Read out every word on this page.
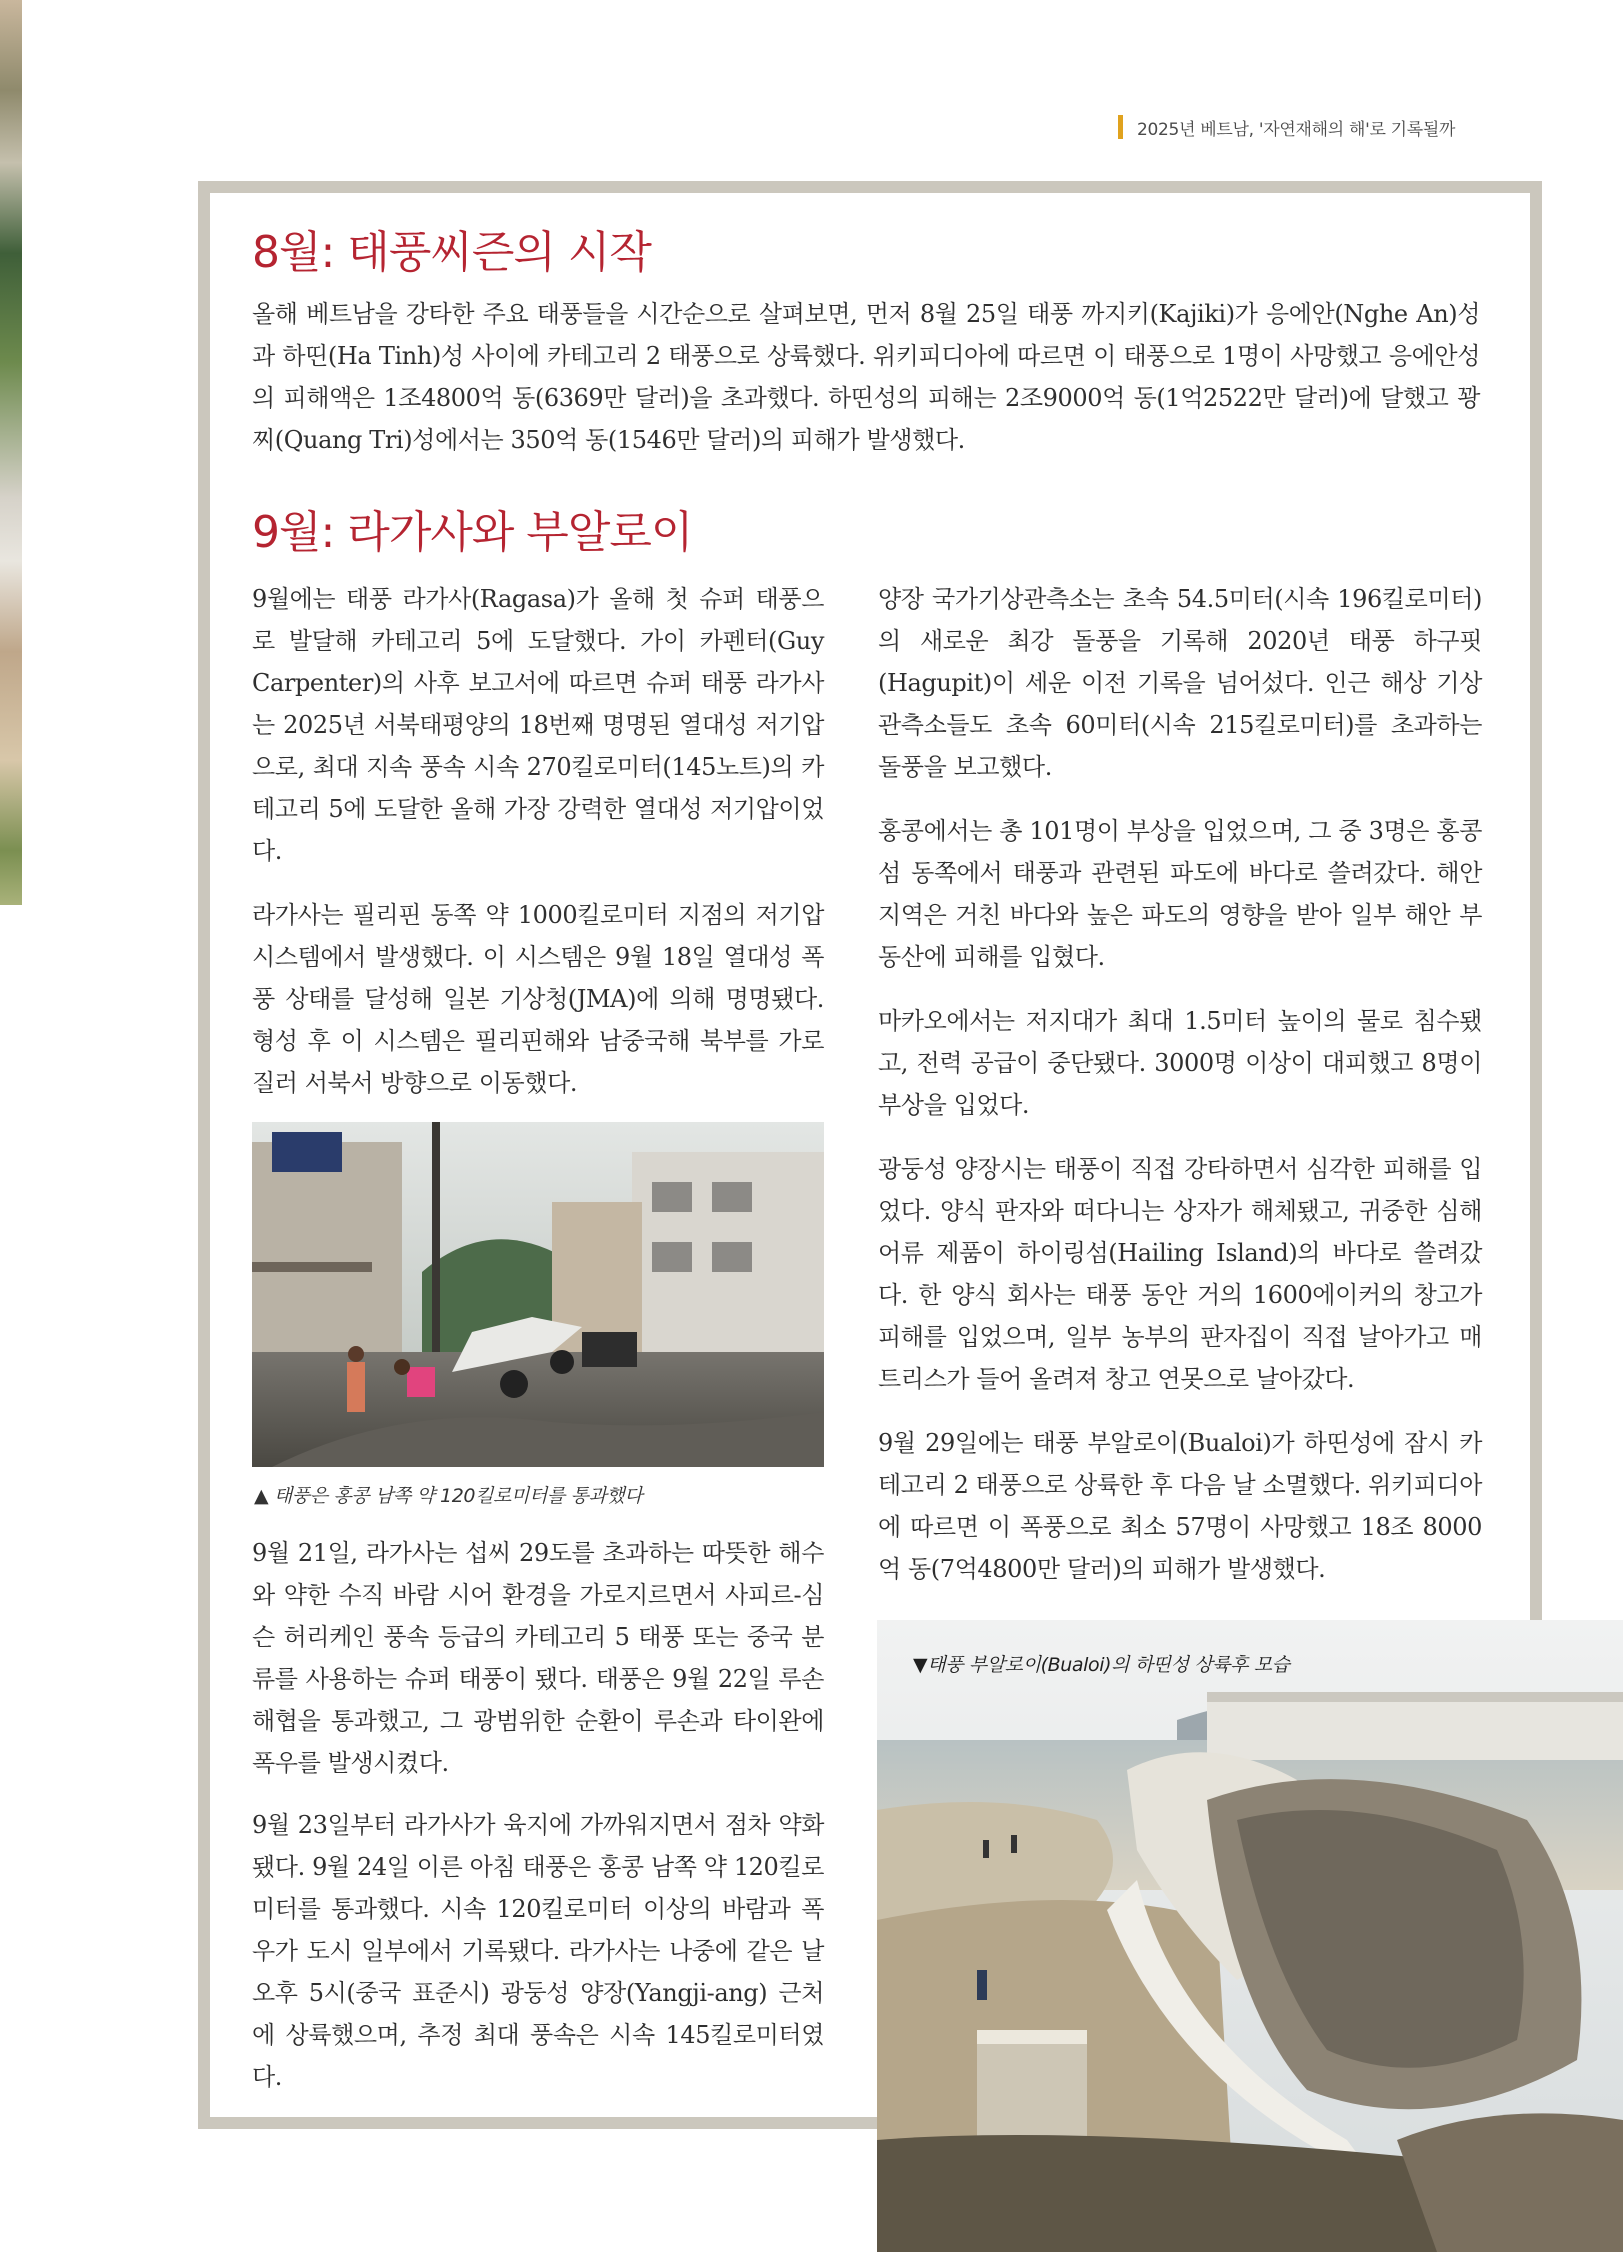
2025년 베트남, '자연재해의 해'로 기록될까
8월: 태풍씨즌의 시작

올해 베트남을 강타한 주요 태풍들을 시간순으로 살펴보면, 먼저 8월 25일 태풍 까지키(Kajiki)가 응에안(Nghe An)성과 하띤(Ha Tinh)성 사이에 카테고리 2 태풍으로 상륙했다. 위키피디아에 따르면 이 태풍으로 1명이 사망했고 응에안성의 피해액은 1조4800억 동(6369만 달러)을 초과했다. 하띤성의 피해는 2조9000억 동(1억2522만 달러)에 달했고 꽝찌(Quang Tri)성에서는 350억 동(1546만 달러)의 피해가 발생했다.

9월: 라가사와 부알로이

9월에는 태풍 라가사(Ragasa)가 올해 첫 슈퍼 태풍으로 발달해 카테고리 5에 도달했다. 가이 카펜터(Guy Carpenter)의 사후 보고서에 따르면 슈퍼 태풍 라가사는 2025년 서북태평양의 18번째 명명된 열대성 저기압으로, 최대 지속 풍속 시속 270킬로미터(145노트)의 카테고리 5에 도달한 올해 가장 강력한 열대성 저기압이었다.

라가사는 필리핀 동쪽 약 1000킬로미터 지점의 저기압 시스템에서 발생했다. 이 시스템은 9월 18일 열대성 폭풍 상태를 달성해 일본 기상청(JMA)에 의해 명명됐다. 형성 후 이 시스템은 필리핀해와 남중국해 북부를 가로질러 서북서 방향으로 이동했다.

▲ 태풍은 홍콩 남쪽 약 120킬로미터를 통과했다

9월 21일, 라가사는 섭씨 29도를 초과하는 따뜻한 해수와 약한 수직 바람 시어 환경을 가로지르면서 사피르-심슨 허리케인 풍속 등급의 카테고리 5 태풍 또는 중국 분류를 사용하는 슈퍼 태풍이 됐다. 태풍은 9월 22일 루손 해협을 통과했고, 그 광범위한 순환이 루손과 타이완에 폭우를 발생시켰다.

9월 23일부터 라가사가 육지에 가까워지면서 점차 약화됐다. 9월 24일 이른 아침 태풍은 홍콩 남쪽 약 120킬로미터를 통과했다. 시속 120킬로미터 이상의 바람과 폭우가 도시 일부에서 기록됐다. 라가사는 나중에 같은 날 오후 5시(중국 표준시) 광둥성 양장(Yangji-ang) 근처에 상륙했으며, 추정 최대 풍속은 시속 145킬로미터였다.

양장 국가기상관측소는 초속 54.5미터(시속 196킬로미터)의 새로운 최강 돌풍을 기록해 2020년 태풍 하구핏(Hagupit)이 세운 이전 기록을 넘어섰다. 인근 해상 기상관측소들도 초속 60미터(시속 215킬로미터)를 초과하는 돌풍을 보고했다.

홍콩에서는 총 101명이 부상을 입었으며, 그 중 3명은 홍콩섬 동쪽에서 태풍과 관련된 파도에 바다로 쓸려갔다. 해안 지역은 거친 바다와 높은 파도의 영향을 받아 일부 해안 부동산에 피해를 입혔다.

마카오에서는 저지대가 최대 1.5미터 높이의 물로 침수됐고, 전력 공급이 중단됐다. 3000명 이상이 대피했고 8명이 부상을 입었다.

광둥성 양장시는 태풍이 직접 강타하면서 심각한 피해를 입었다. 양식 판자와 떠다니는 상자가 해체됐고, 귀중한 심해 어류 제품이 하이링섬(Hailing Island)의 바다로 쓸려갔다. 한 양식 회사는 태풍 동안 거의 1600에이커의 창고가 피해를 입었으며, 일부 농부의 판자집이 직접 날아가고 매트리스가 들어 올려져 창고 연못으로 날아갔다.

9월 29일에는 태풍 부알로이(Bualoi)가 하띤성에 잠시 카테고리 2 태풍으로 상륙한 후 다음 날 소멸했다. 위키피디아에 따르면 이 폭풍으로 최소 57명이 사망했고 18조 8000억 동(7억4800만 달러)의 피해가 발생했다.

▼태풍 부알로이(Bualoi)의 하띤성 상륙후 모습
